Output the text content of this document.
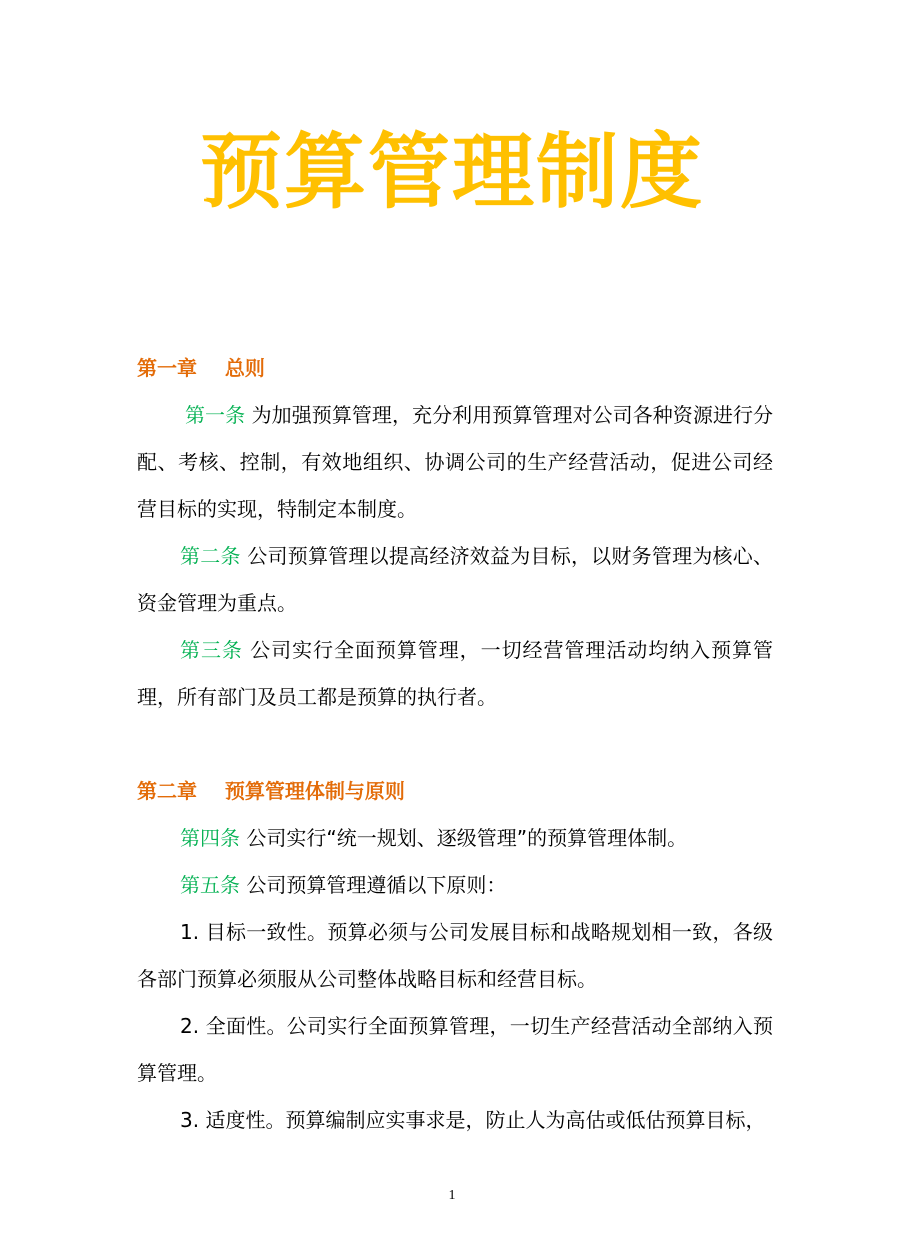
预算管理制度
第一章    总则

第一条 为加强预算管理，充分利用预算管理对公司各种资源进行分配、考核、控制，有效地组织、协调公司的生产经营活动，促进公司经营目标的实现，特制定本制度。

第二条 公司预算管理以提高经济效益为目标，以财务管理为核心、资金管理为重点。

第三条 公司实行全面预算管理，一切经营管理活动均纳入预算管理，所有部门及员工都是预算的执行者。

第二章    预算管理体制与原则

第四条 公司实行“统一规划、逐级管理”的预算管理体制。

第五条 公司预算管理遵循以下原则：

1. 目标一致性。预算必须与公司发展目标和战略规划相一致，各级各部门预算必须服从公司整体战略目标和经营目标。

2. 全面性。公司实行全面预算管理，一切生产经营活动全部纳入预算管理。

3. 适度性。预算编制应实事求是，防止人为高估或低估预算目标，

1
